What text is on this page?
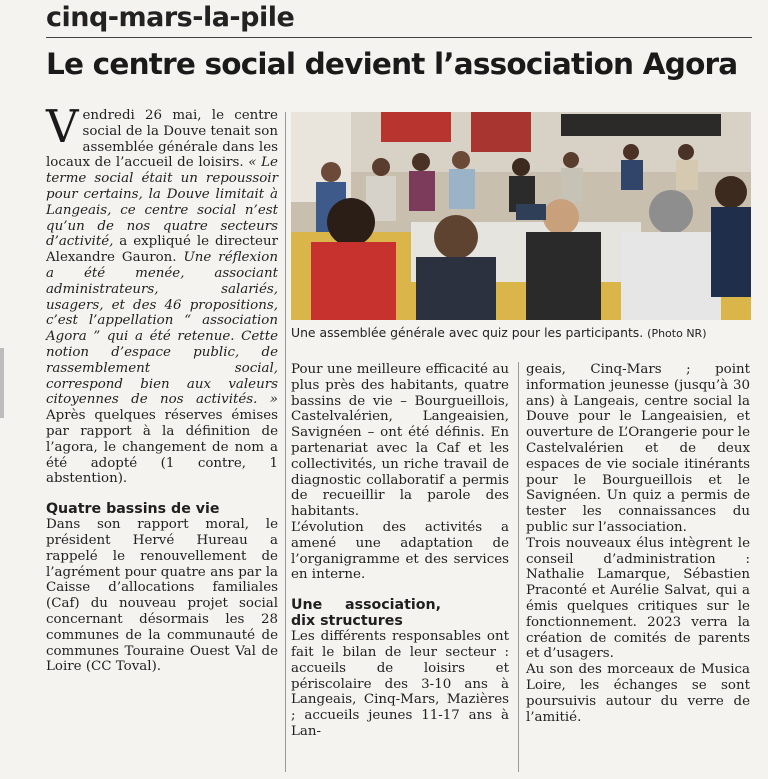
cinq-mars-la-pile
Le centre social devient l’association Agora

Vendredi 26 mai, le centre social de la Douve tenait son assemblée générale dans les locaux de l’accueil de loisirs. « Le terme social était un repoussoir pour certains, la Douve limitait à Langeais, ce centre social n’est qu’un de nos quatre secteurs d’activité, a expliqué le directeur Alexandre Gauron. Une réflexion a été menée, associant administrateurs, salariés, usagers, et des 46 propositions, c’est l’appellation “ association Agora ” qui a été retenue. Cette notion d’espace public, de rassemblement social, correspond bien aux valeurs citoyennes de nos activités. » Après quelques réserves émises par rapport à la définition de l’agora, le changement de nom a été adopté (1 contre, 1 abstention).

Quatre bassins de vie

Dans son rapport moral, le président Hervé Hureau a rappelé le renouvellement de l’agrément pour quatre ans par la Caisse d’allocations familiales (Caf) du nouveau projet social concernant désormais les 28 communes de la communauté de communes Touraine Ouest Val de Loire (CC Toval).

Une assemblée générale avec quiz pour les participants. (Photo NR)

Pour une meilleure efficacité au plus près des habitants, quatre bassins de vie – Bourgueillois, Castelvalérien, Langeaisien, Savignéen – ont été définis. En partenariat avec la Caf et les collectivités, un riche travail de diagnostic collaboratif a permis de recueillir la parole des habitants.

L’évolution des activités a amené une adaptation de l’organigramme et des services en interne.

Une association, dix structures

Les différents responsables ont fait le bilan de leur secteur : accueils de loisirs et périscolaire des 3-10 ans à Langeais, Cinq-Mars, Mazières ; accueils jeunes 11-17 ans à Lan-

geais, Cinq-Mars ; point information jeunesse (jusqu’à 30 ans) à Langeais, centre social la Douve pour le Langeaisien, et ouverture de L’Orangerie pour le Castelvalérien et de deux espaces de vie sociale itinérants pour le Bourgueillois et le Savignéen. Un quiz a permis de tester les connaissances du public sur l’association.

Trois nouveaux élus intègrent le conseil d’administration : Nathalie Lamarque, Sébastien Praconté et Aurélie Salvat, qui a émis quelques critiques sur le fonctionnement. 2023 verra la création de comités de parents et d’usagers.

Au son des morceaux de Musica Loire, les échanges se sont poursuivis autour du verre de l’amitié.
